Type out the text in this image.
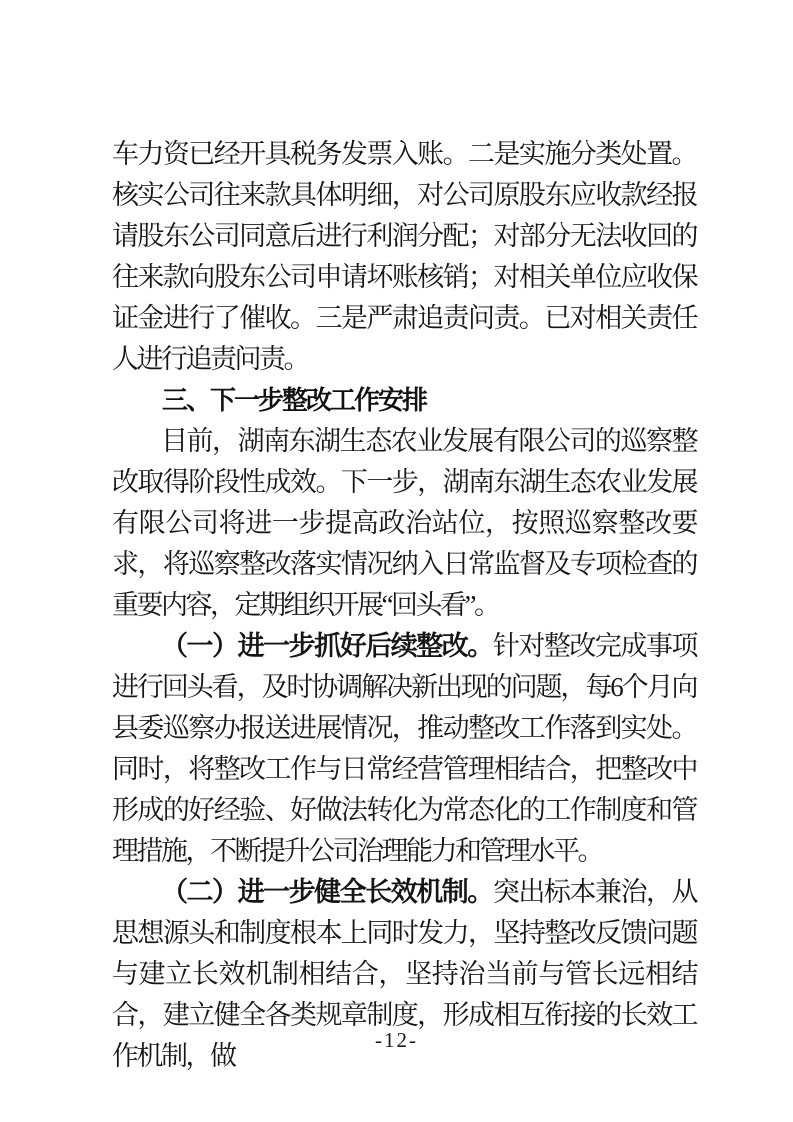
车力资已经开具税务发票入账。二是实施分类处置。核实公司往来款具体明细，对公司原股东应收款经报请股东公司同意后进行利润分配；对部分无法收回的往来款向股东公司申请坏账核销；对相关单位应收保证金进行了催收。三是严肃追责问责。已对相关责任人进行追责问责。

三、下一步整改工作安排

目前，湖南东湖生态农业发展有限公司的巡察整改取得阶段性成效。下一步，湖南东湖生态农业发展有限公司将进一步提高政治站位，按照巡察整改要求，将巡察整改落实情况纳入日常监督及专项检查的重要内容，定期组织开展“回头看”。

（一）进一步抓好后续整改。针对整改完成事项进行回头看，及时协调解决新出现的问题，每6个月向县委巡察办报送进展情况，推动整改工作落到实处。同时，将整改工作与日常经营管理相结合，把整改中形成的好经验、好做法转化为常态化的工作制度和管理措施，不断提升公司治理能力和管理水平。

（二）进一步健全长效机制。突出标本兼治，从思想源头和制度根本上同时发力，坚持整改反馈问题与建立长效机制相结合，坚持治当前与管长远相结合，建立健全各类规章制度，形成相互衔接的长效工作机制，做

-12-
